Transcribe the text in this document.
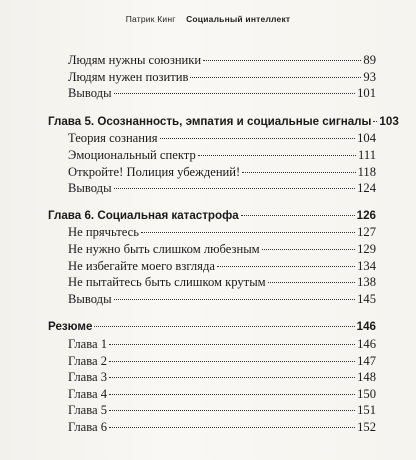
Патрик Кинг Социальный интеллект
Людям нужны союзники	89
Людям нужен позитив	93
Выводы	101
Глава 5. Осознанность, эмпатия и социальные сигналы 103
Теория сознания	104
Эмоциональный спектр	111
Откройте! Полиция убеждений!	118
Выводы	124
Глава 6. Социальная катастрофа	126
Не прячьтесь	127
Не нужно быть слишком любезным	129
Не избегайте моего взгляда	134
Не пытайтесь быть слишком крутым	138
Выводы	145
Резюме	146
Глава 1	146
Глава 2	147
Глава 3	148
Глава 4	150
Глава 5	151
Глава 6	152
